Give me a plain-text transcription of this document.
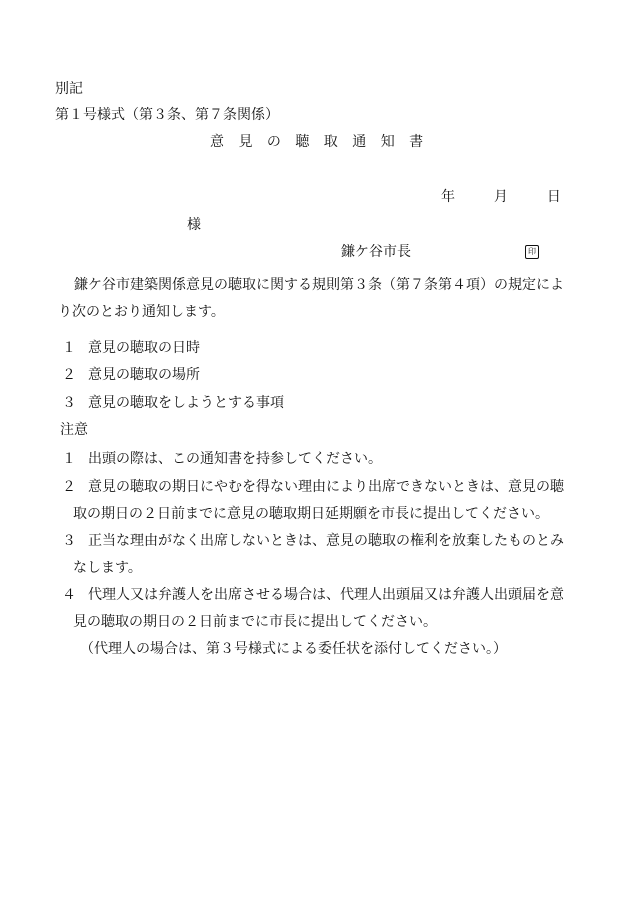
別記
第１号様式（第３条、第７条関係）
意 見 の 聴 取 通 知 書
年	月	日
様
鎌ケ谷市長	印
鎌ケ谷市建築関係意見の聴取に関する規則第３条（第７条第４項）の規定によ
り次のとおり通知します。
１ 意見の聴取の日時
２ 意見の聴取の場所
３ 意見の聴取をしようとする事項
注意
１ 出頭の際は、この通知書を持参してください。
２ 意見の聴取の期日にやむを得ない理由により出席できないときは、意見の聴
取の期日の２日前までに意見の聴取期日延期願を市長に提出してください。
３ 正当な理由がなく出席しないときは、意見の聴取の権利を放棄したものとみ
なします。
４ 代理人又は弁護人を出席させる場合は、代理人出頭届又は弁護人出頭届を意
見の聴取の期日の２日前までに市長に提出してください。
（代理人の場合は、第３号様式による委任状を添付してください。）
